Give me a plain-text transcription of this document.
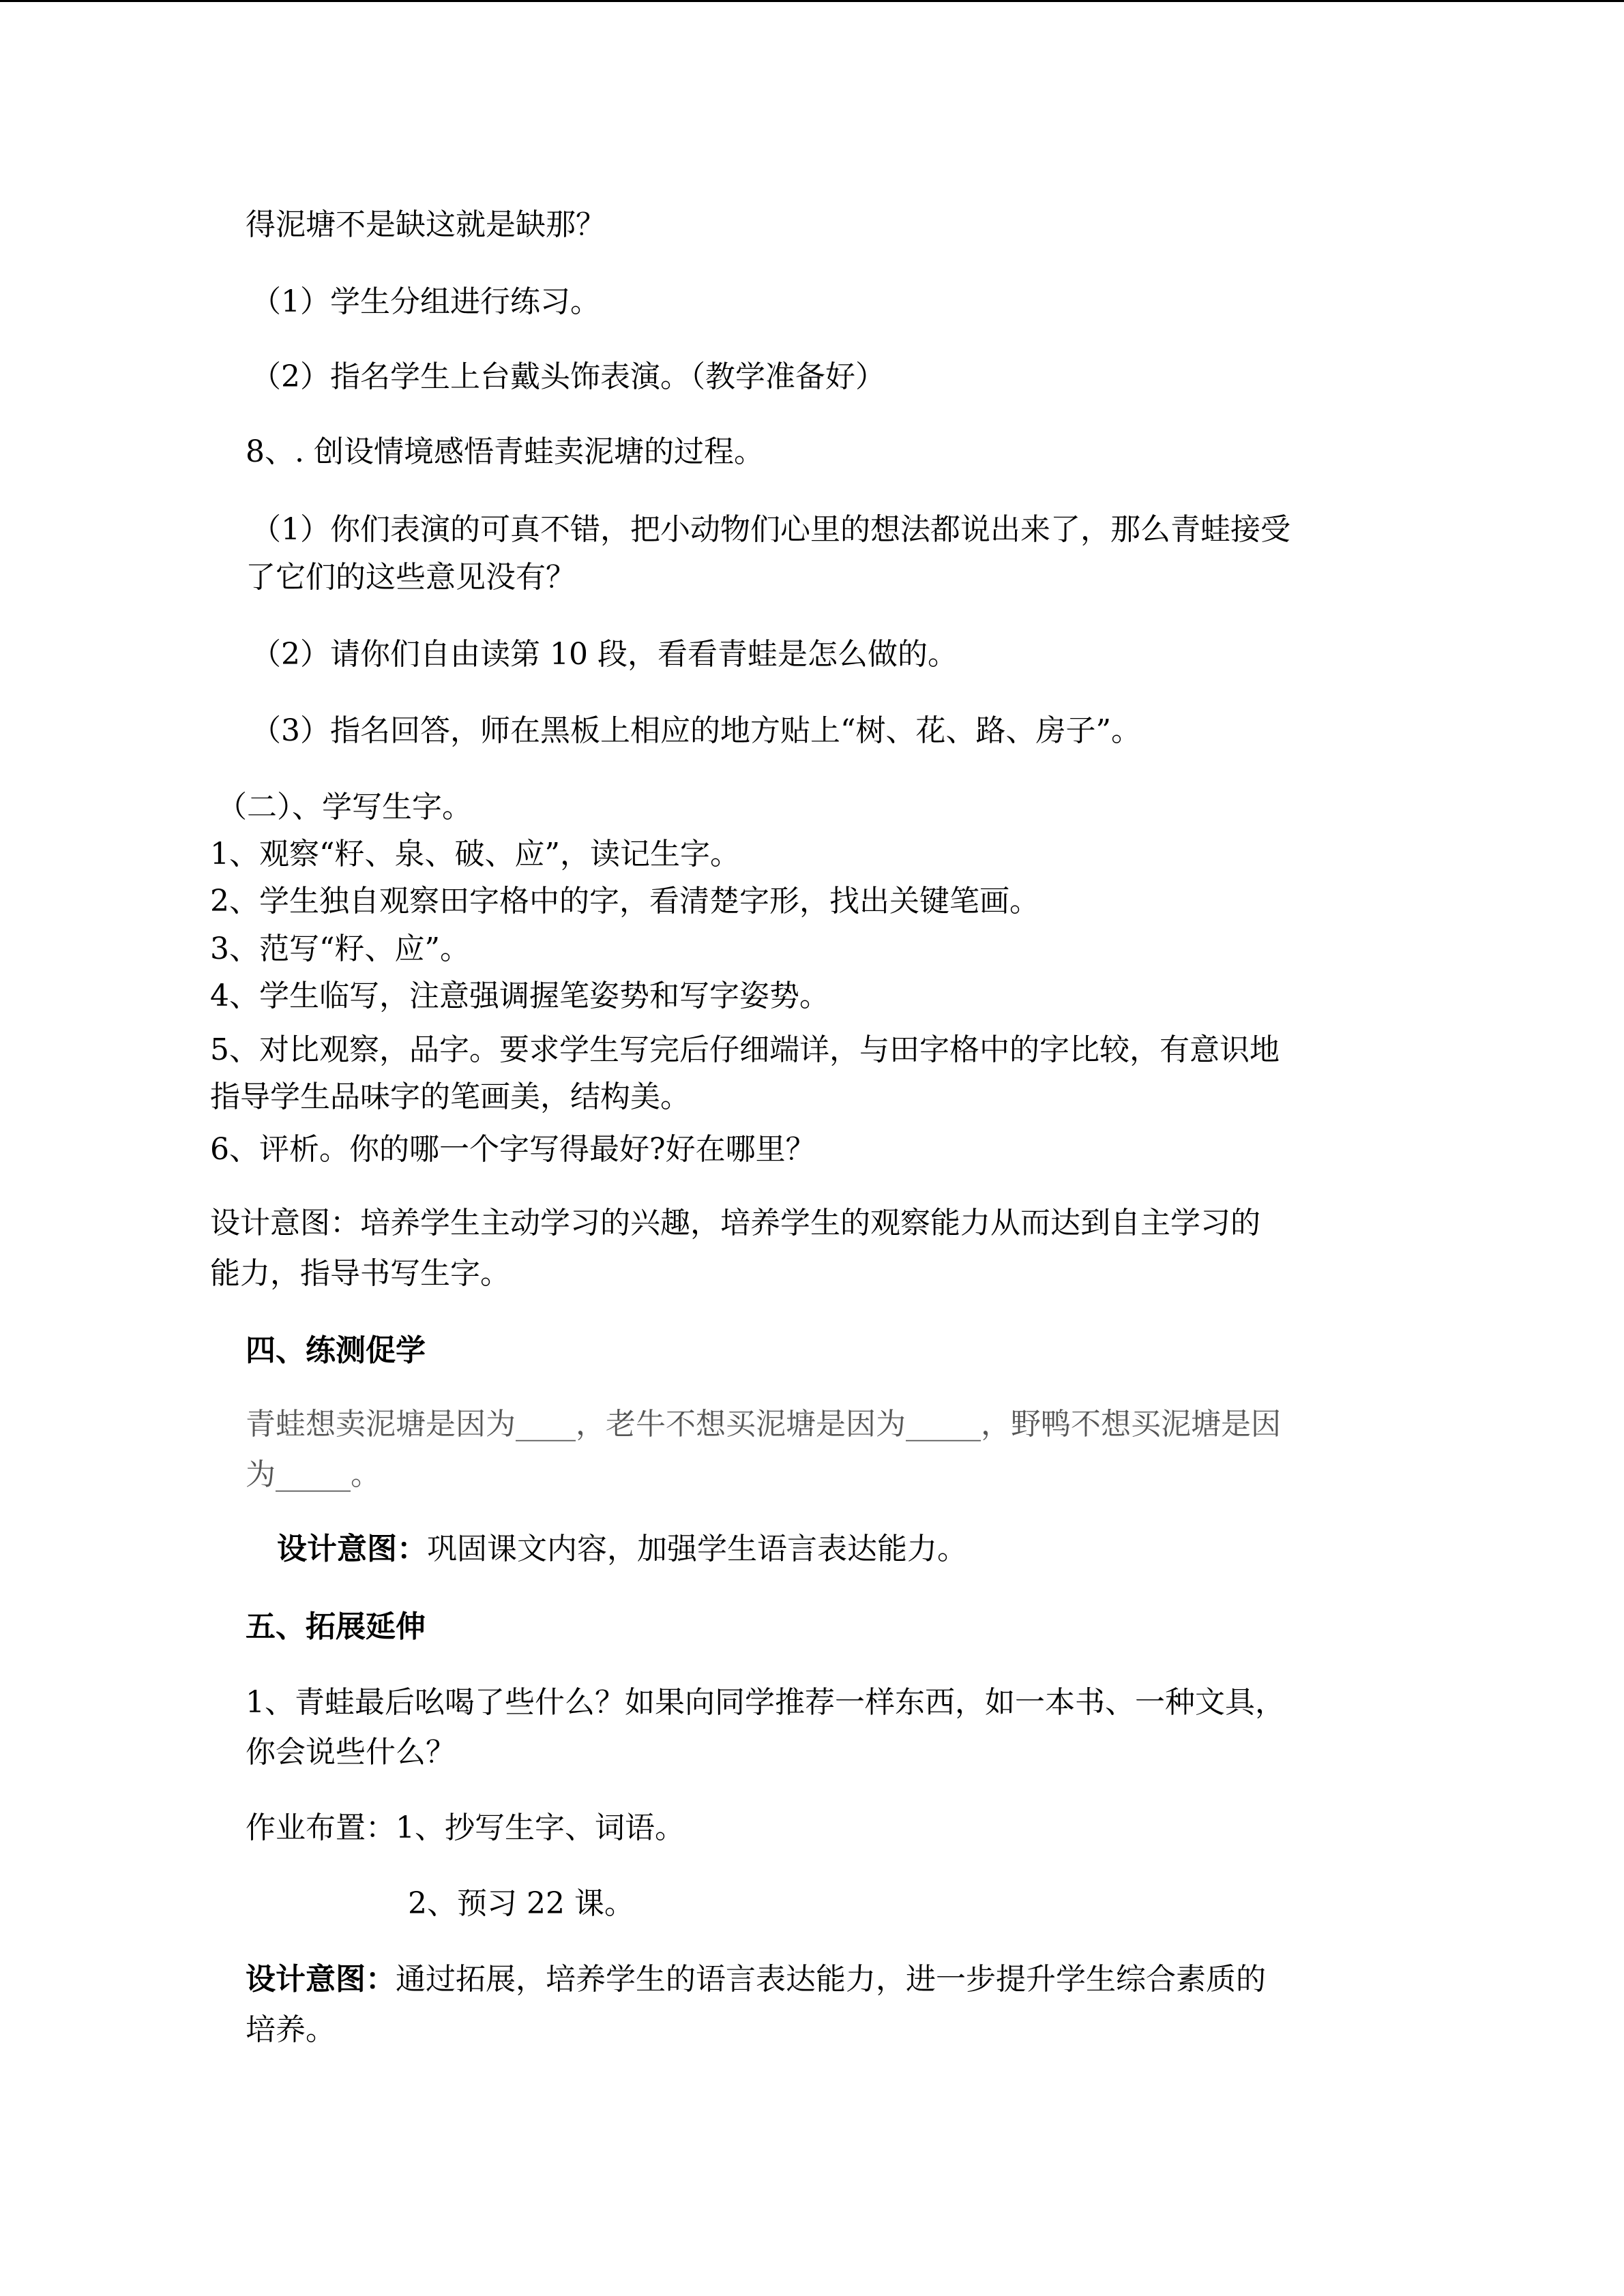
得泥塘不是缺这就是缺那？
（1）学生分组进行练习。
（2）指名学生上台戴头饰表演。（教学准备好）
8、. 创设情境感悟青蛙卖泥塘的过程。
（1）你们表演的可真不错，把小动物们心里的想法都说出来了，那么青蛙接受
了它们的这些意见没有？
（2）请你们自由读第 10 段，看看青蛙是怎么做的。
（3）指名回答，师在黑板上相应的地方贴上“树、花、路、房子”。
（二）、学写生字。
1、观察“籽、泉、破、应”，读记生字。
2、学生独自观察田字格中的字，看清楚字形，找出关键笔画。
3、范写“籽、应”。
4、学生临写，注意强调握笔姿势和写字姿势。
5、对比观察，品字。要求学生写完后仔细端详，与田字格中的字比较，有意识地
指导学生品味字的笔画美，结构美。
6、评析。你的哪一个字写得最好?好在哪里？
设计意图：培养学生主动学习的兴趣，培养学生的观察能力从而达到自主学习的
能力，指导书写生字。
四、练测促学
青蛙想卖泥塘是因为____，老牛不想买泥塘是因为_____，野鸭不想买泥塘是因
为_____。
设计意图：巩固课文内容，加强学生语言表达能力。
五、拓展延伸
1、青蛙最后吆喝了些什么？如果向同学推荐一样东西，如一本书、一种文具，
你会说些什么？
作业布置：1、抄写生字、词语。
2、预习 22 课。
设计意图：通过拓展，培养学生的语言表达能力，进一步提升学生综合素质的
培养。
